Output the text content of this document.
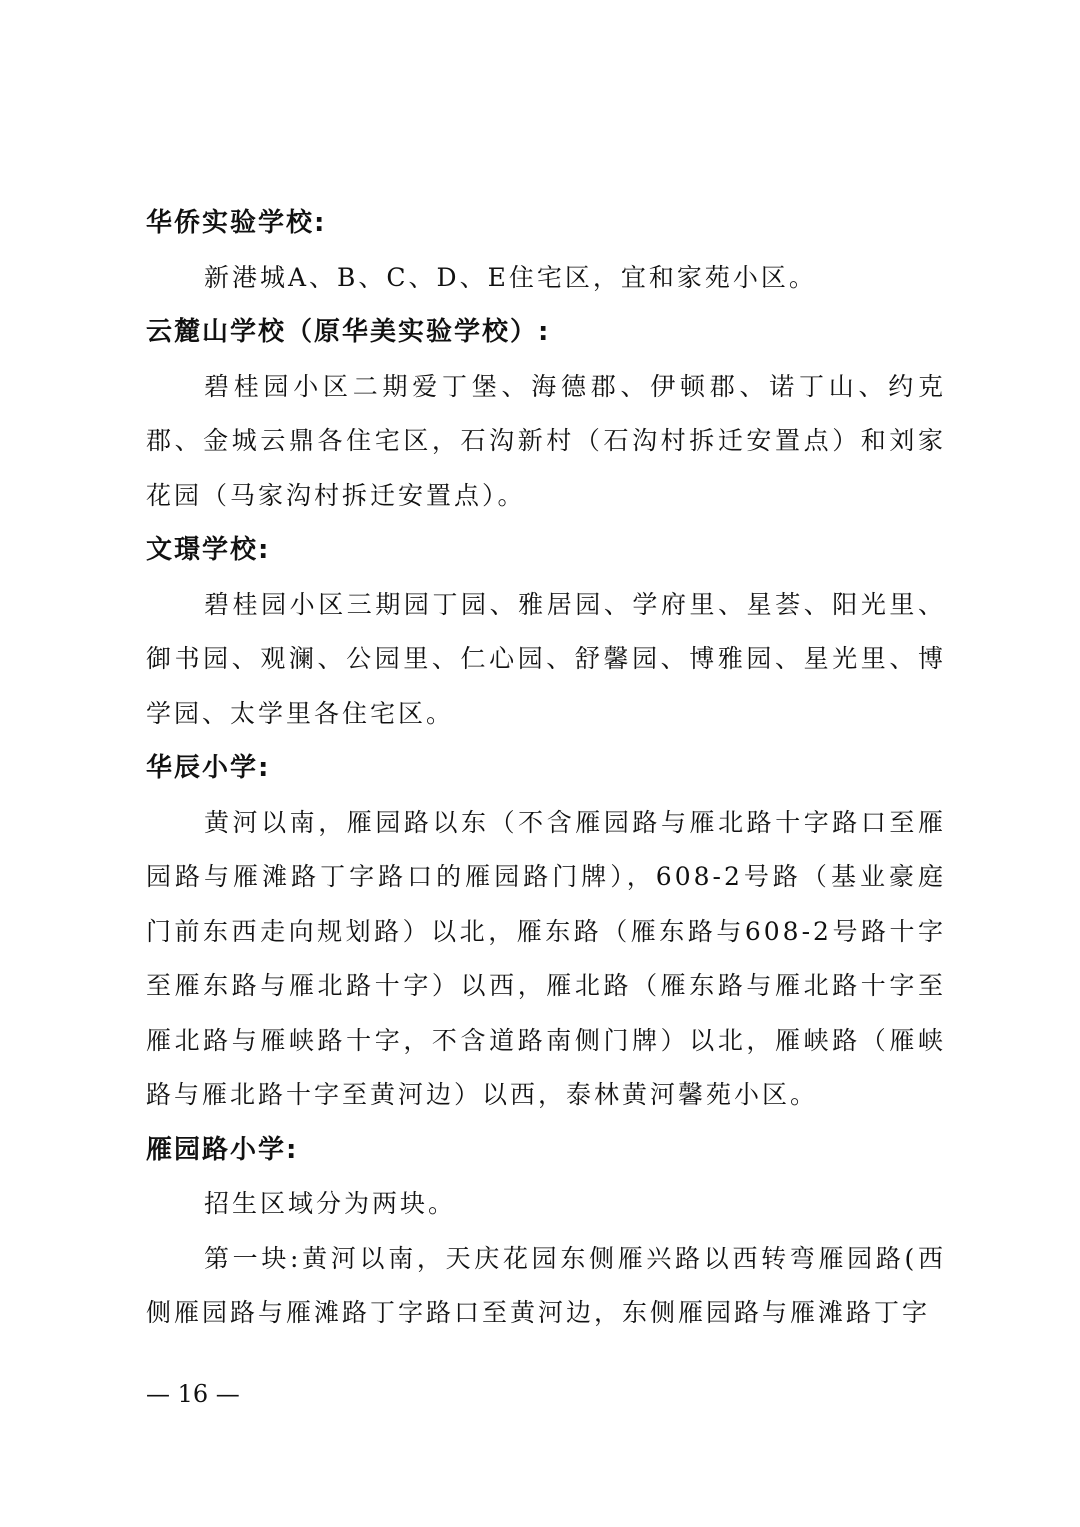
华侨实验学校:

新港城A、B、C、D、E住宅区，宜和家苑小区。

云麓山学校（原华美实验学校）:

碧桂园小区二期爱丁堡、海德郡、伊顿郡、诺丁山、约克郡、金城云鼎各住宅区，石沟新村（石沟村拆迁安置点）和刘家花园（马家沟村拆迁安置点）。

文璟学校:

碧桂园小区三期园丁园、雅居园、学府里、星荟、阳光里、御书园、观澜、公园里、仁心园、舒馨园、博雅园、星光里、博学园、太学里各住宅区。

华辰小学:

黄河以南，雁园路以东（不含雁园路与雁北路十字路口至雁园路与雁滩路丁字路口的雁园路门牌），608-2号路（基业豪庭门前东西走向规划路）以北，雁东路（雁东路与608-2号路十字至雁东路与雁北路十字）以西，雁北路（雁东路与雁北路十字至雁北路与雁峡路十字，不含道路南侧门牌）以北，雁峡路（雁峡路与雁北路十字至黄河边）以西，泰林黄河馨苑小区。

雁园路小学:

招生区域分为两块。

第一块:黄河以南，天庆花园东侧雁兴路以西转弯雁园路(西侧雁园路与雁滩路丁字路口至黄河边，东侧雁园路与雁滩路丁字

— 16 —
